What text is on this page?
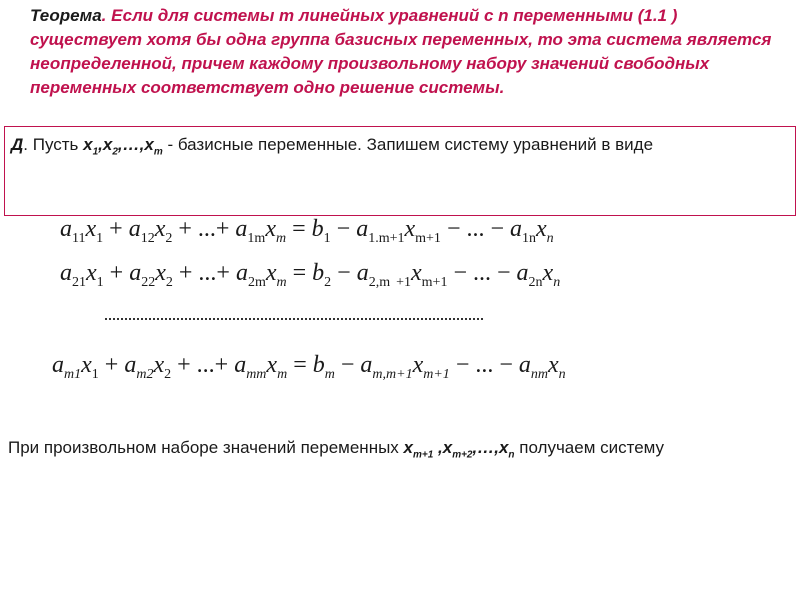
Теорема. Если для системы m линейных уравнений с n переменными (1.1 ) существует хотя бы одна группа базисных переменных, то эта система является неопределенной, причем каждому произвольному набору значений свободных переменных соответствует одно решение системы.
Д. Пусть $x_1,x_2,\dots,x_m$ - базисные переменные. Запишем систему уравнений в виде
$a_{11}x_1 + a_{12}x_2$ + ...+ $a_{1m}x_m = b_1 - a_{1.m+1}x_{m+1}$ − ... − $a_{1n}x_n$
$a_{21}x_1 + a_{22}x_2$ + ...+ $a_{2m}x_m = b_2 - a_{2,m}$ $_{+1}x_{m+1}$ − ... − $a_{2n}x_n$
$a_{m1}x_1 + a_{m2}x_2$ + ...+ $a_{mm}x_m = b_m - a_{m,m+1}x_{m+1}$ − ... − $a_{nm}x_n$
При произвольном наборе значений переменных $x_{m+1}$ $,x_{m+2},\dots,x_n$ получаем систему
